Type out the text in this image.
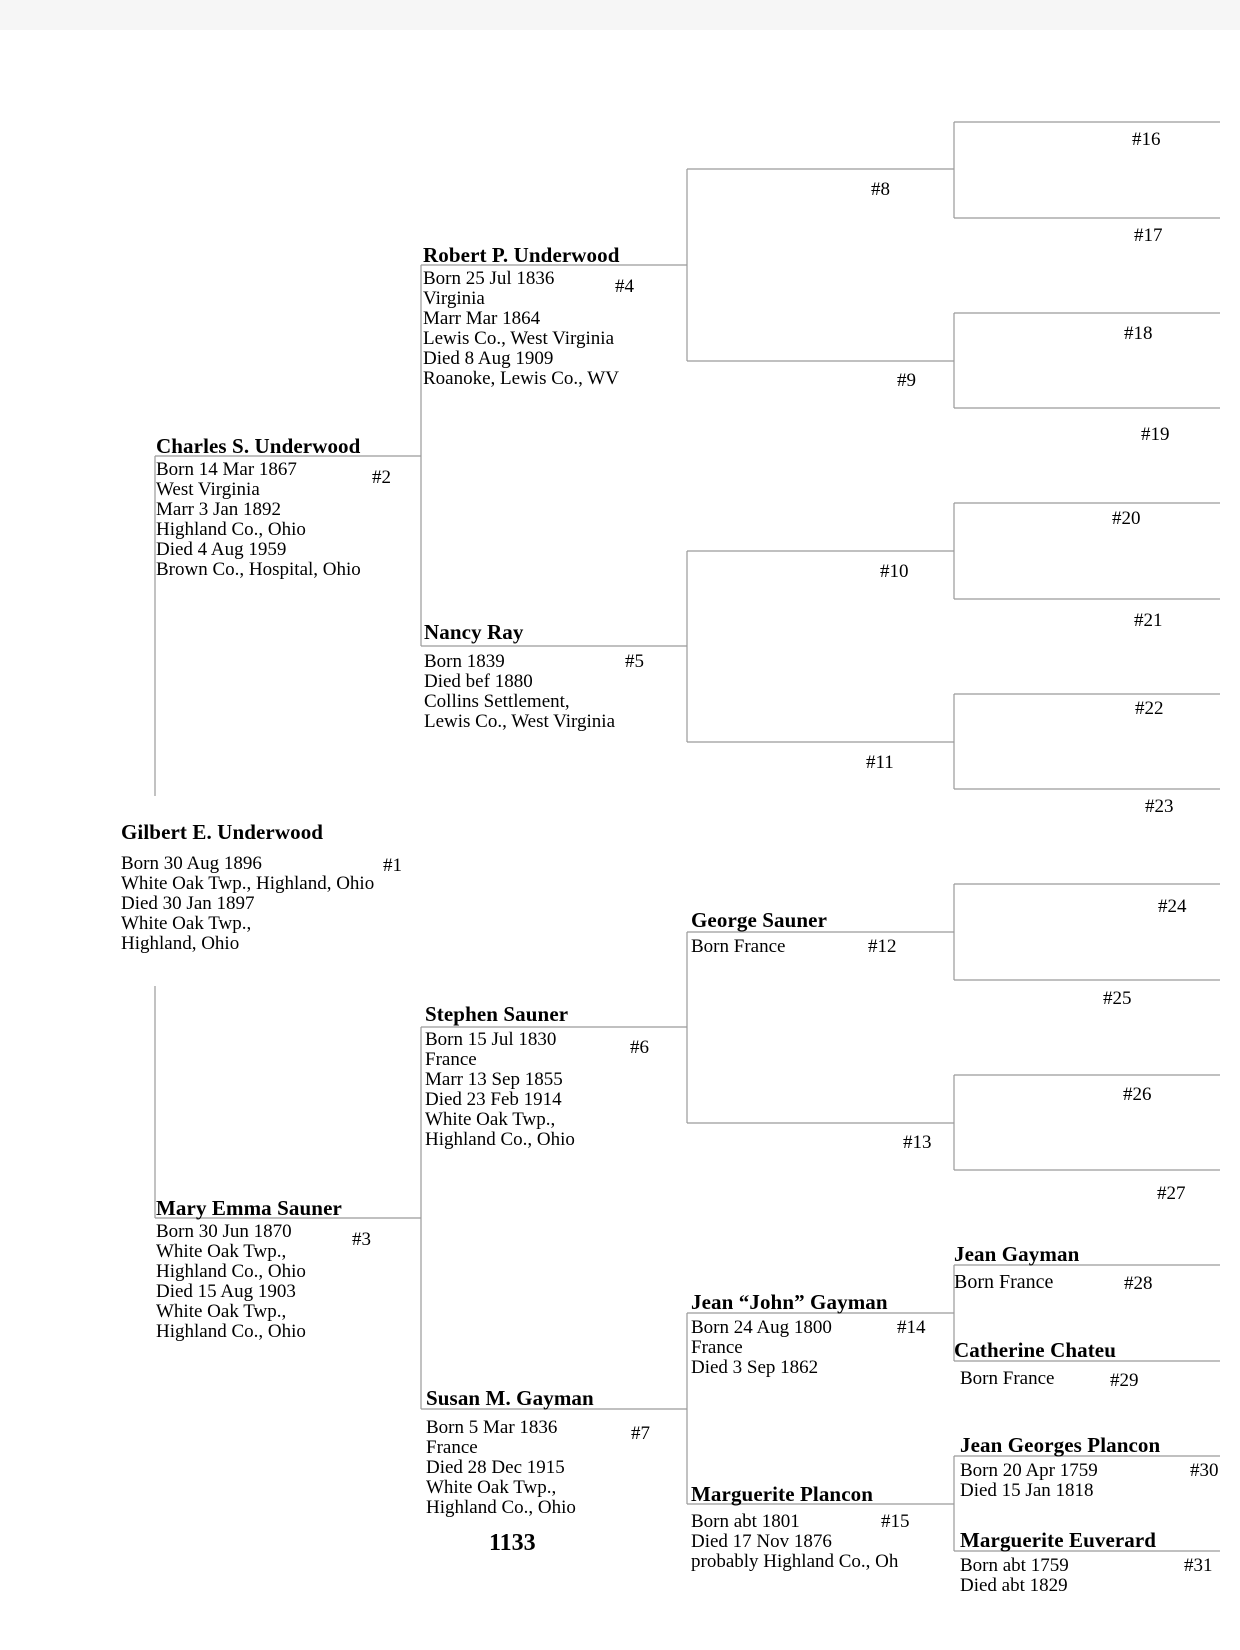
Gilbert E. Underwood
Born 30 Aug 1896
White Oak Twp., Highland, Ohio
Died 30 Jan 1897
White Oak Twp.,
Highland, Ohio
#1
Charles S. Underwood
Born 14 Mar 1867
West Virginia
Marr 3 Jan 1892
Highland Co., Ohio
Died 4 Aug 1959
Brown Co., Hospital, Ohio
#2
Mary Emma Sauner
Born 30 Jun 1870
White Oak Twp.,
Highland Co., Ohio
Died 15 Aug 1903
White Oak Twp.,
Highland Co., Ohio
#3
Robert P. Underwood
Born 25 Jul 1836
Virginia
Marr Mar 1864
Lewis Co., West Virginia
Died 8 Aug 1909
Roanoke, Lewis Co., WV
#4
Nancy Ray
Born 1839
Died bef 1880
Collins Settlement,
Lewis Co., West Virginia
#5
Stephen Sauner
Born 15 Jul 1830
France
Marr 13 Sep 1855
Died 23 Feb 1914
White Oak Twp.,
Highland Co., Ohio
#6
Susan M. Gayman
Born 5 Mar 1836
France
Died 28 Dec 1915
White Oak Twp.,
Highland Co., Ohio
#7
George Sauner
Born France	#12
Jean “John” Gayman
Born 24 Aug 1800
France
Died 3 Sep 1862
#14
Marguerite Plancon
Born abt 1801
Died 17 Nov 1876
probably Highland Co., Oh
#15
Jean Gayman
Born France	#28
Catherine Chateu
Born France	#29
Jean Georges Plancon
Born 20 Apr 1759
Died 15 Jan 1818
#30
Marguerite Euverard
Born abt 1759
Died abt 1829
#31
#8
#9
#10
#11
#13
#16
#17
#18
#19
#20
#21
#22
#23
#24
#25
#26
#27
1133
